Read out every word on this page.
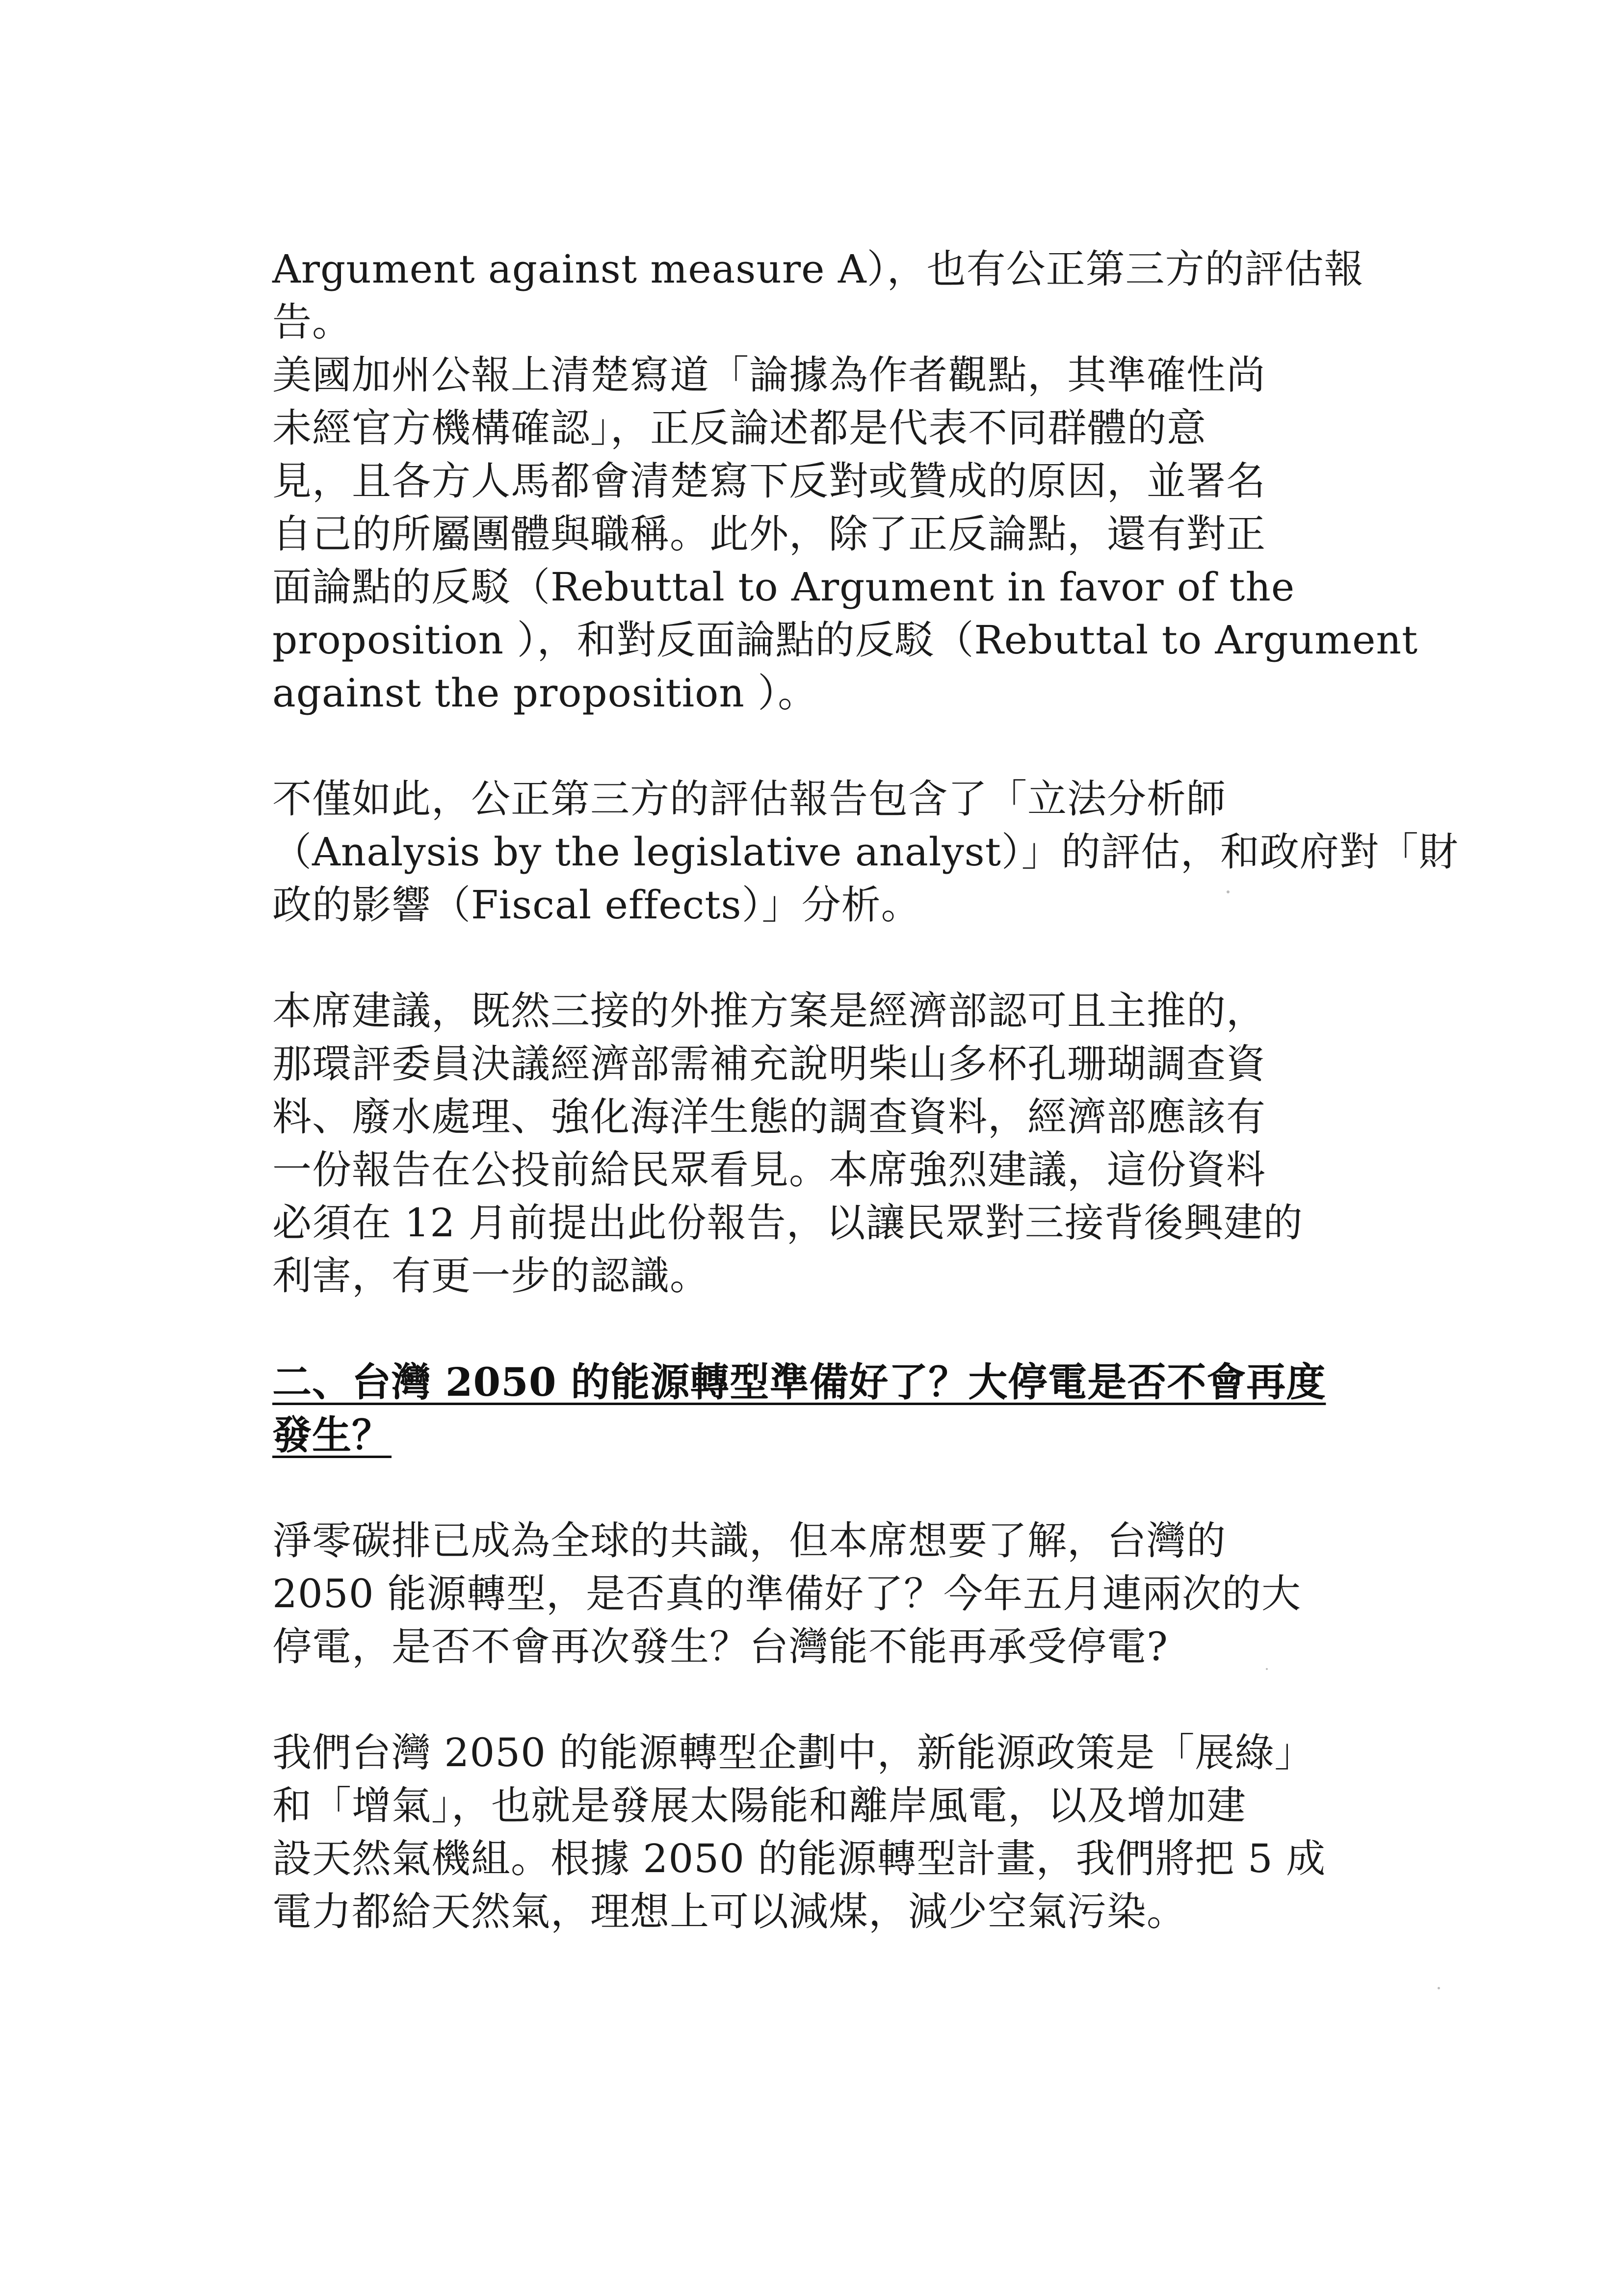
Argument against measure A），也有公正第三方的評估報

告。

美國加州公報上清楚寫道「論據為作者觀點，其準確性尚

未經官方機構確認」，正反論述都是代表不同群體的意

見，且各方人馬都會清楚寫下反對或贊成的原因，並署名

自己的所屬團體與職稱。此外，除了正反論點，還有對正

面論點的反駁（Rebuttal to Argument in favor of the

proposition ），和對反面論點的反駁（Rebuttal to Argument

against the proposition ）。

不僅如此，公正第三方的評估報告包含了「立法分析師

（Analysis by the legislative analyst）」的評估，和政府對「財

政的影響（Fiscal effects）」分析。

本席建議，既然三接的外推方案是經濟部認可且主推的，

那環評委員決議經濟部需補充說明柴山多杯孔珊瑚調查資

料、廢水處理、強化海洋生態的調查資料，經濟部應該有

一份報告在公投前給民眾看見。本席強烈建議，這份資料

必須在 12 月前提出此份報告，以讓民眾對三接背後興建的

利害，有更一步的認識。

二、台灣 2050 的能源轉型準備好了？大停電是否不會再度

發生？

淨零碳排已成為全球的共識，但本席想要了解，台灣的

2050 能源轉型，是否真的準備好了？今年五月連兩次的大

停電，是否不會再次發生？台灣能不能再承受停電?

我們台灣 2050 的能源轉型企劃中，新能源政策是「展綠」

和「增氣」，也就是發展太陽能和離岸風電，以及增加建

設天然氣機組。根據 2050 的能源轉型計畫，我們將把 5 成

電力都給天然氣，理想上可以減煤，減少空氣污染。
